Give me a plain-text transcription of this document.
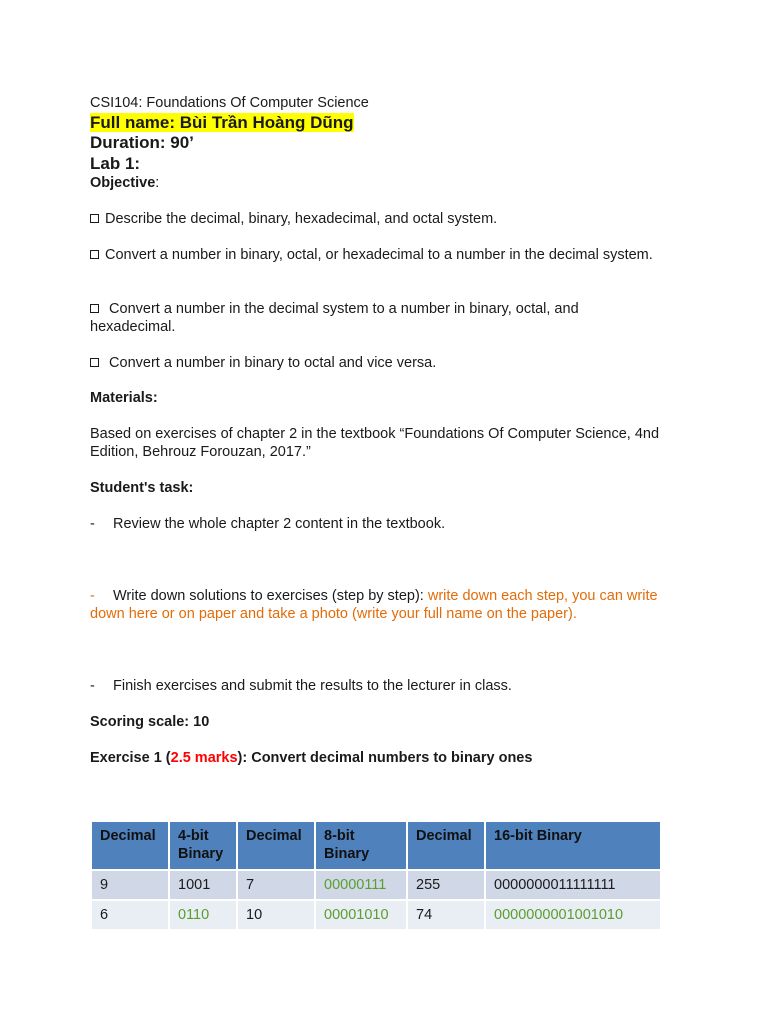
CSI104: Foundations Of Computer Science
Full name: Bùi Trần Hoàng Dũng
Duration: 90’
Lab 1:
Objective:
Describe the decimal, binary, hexadecimal, and octal system.
Convert a number in binary, octal, or hexadecimal to a number in the decimal system.
Convert a number in the decimal system to a number in binary, octal, and hexadecimal.
Convert a number in binary to octal and vice versa.
Materials:
Based on exercises of chapter 2 in the textbook “Foundations Of Computer Science, 4nd Edition, Behrouz Forouzan, 2017.”
Student's task:
- Review the whole chapter 2 content in the textbook.
- Write down solutions to exercises (step by step): write down each step, you can write down here or on paper and take a photo (write your full name on the paper).
- Finish exercises and submit the results to the lecturer in class.
Scoring scale: 10
Exercise 1 (2.5 marks): Convert decimal numbers to binary ones
Decimal	4-bit Binary	Decimal	8-bit Binary	Decimal	16-bit Binary
9	1001	7	00000111	255	0000000011111111
6	0110	10	00001010	74	0000000001001010
